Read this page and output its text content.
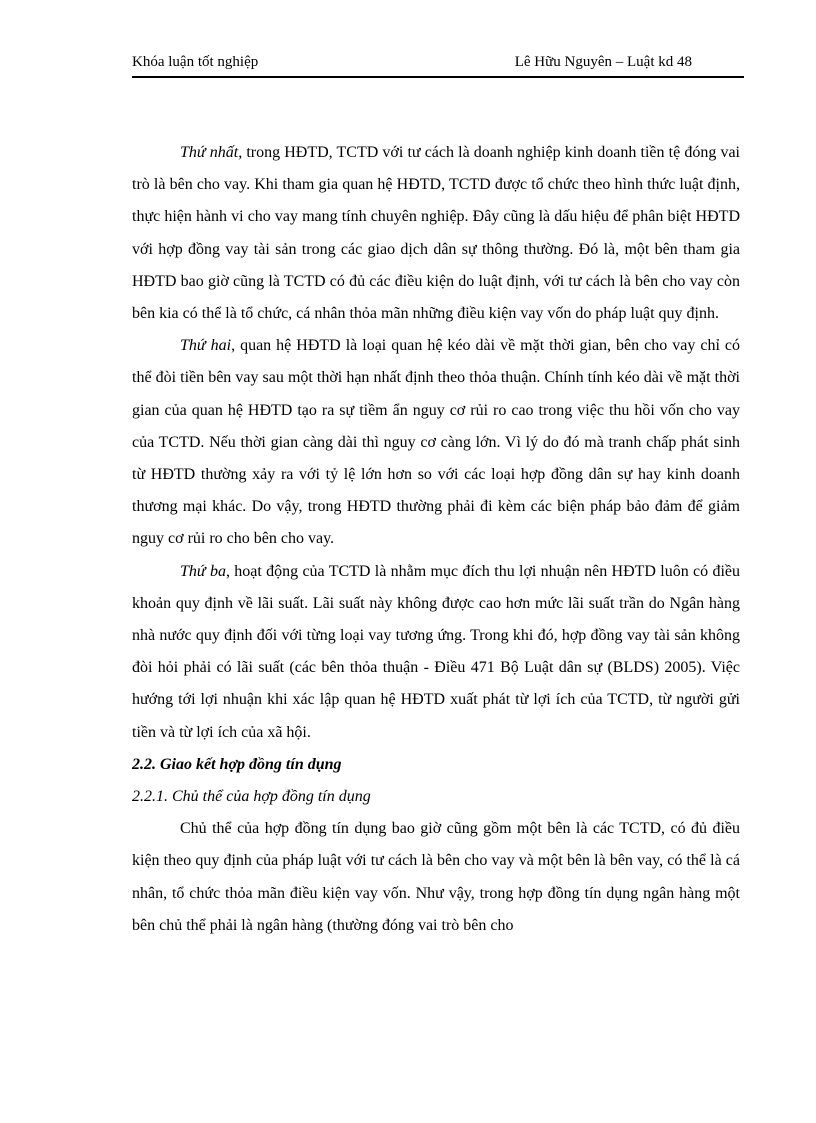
Khóa luận tốt nghiệp	Lê Hữu Nguyên – Luật kd 48

Thứ nhất, trong HĐTD, TCTD với tư cách là doanh nghiệp kinh doanh tiền tệ đóng vai trò là bên cho vay. Khi tham gia quan hệ HĐTD, TCTD được tổ chức theo hình thức luật định, thực hiện hành vi cho vay mang tính chuyên nghiệp. Đây cũng là dấu hiệu để phân biệt HĐTD với hợp đồng vay tài sản trong các giao dịch dân sự thông thường. Đó là, một bên tham gia HĐTD bao giờ cũng là TCTD có đủ các điều kiện do luật định, với tư cách là bên cho vay còn bên kia có thể là tổ chức, cá nhân thỏa mãn những điều kiện vay vốn do pháp luật quy định.

Thứ hai, quan hệ HĐTD là loại quan hệ kéo dài về mặt thời gian, bên cho vay chỉ có thể đòi tiền bên vay sau một thời hạn nhất định theo thỏa thuận. Chính tính kéo dài về mặt thời gian của quan hệ HĐTD tạo ra sự tiềm ẩn nguy cơ rủi ro cao trong việc thu hồi vốn cho vay của TCTD. Nếu thời gian càng dài thì nguy cơ càng lớn. Vì lý do đó mà tranh chấp phát sinh từ HĐTD thường xảy ra với tỷ lệ lớn hơn so với các loại hợp đồng dân sự hay kinh doanh thương mại khác. Do vậy, trong HĐTD thường phải đi kèm các biện pháp bảo đảm để giảm nguy cơ rủi ro cho bên cho vay.

Thứ ba, hoạt động của TCTD là nhằm mục đích thu lợi nhuận nên HĐTD luôn có điều khoản quy định về lãi suất. Lãi suất này không được cao hơn mức lãi suất trần do Ngân hàng nhà nước quy định đối với từng loại vay tương ứng. Trong khi đó, hợp đồng vay tài sản không đòi hỏi phải có lãi suất (các bên thỏa thuận - Điều 471 Bộ Luật dân sự (BLDS) 2005). Việc hướng tới lợi nhuận khi xác lập quan hệ HĐTD xuất phát từ lợi ích của TCTD, từ người gửi tiền và từ lợi ích của xã hội.

2.2. Giao kết hợp đồng tín dụng

2.2.1. Chủ thể của hợp đồng tín dụng

Chủ thể của hợp đồng tín dụng bao giờ cũng gồm một bên là các TCTD, có đủ điều kiện theo quy định của pháp luật với tư cách là bên cho vay và một bên là bên vay, có thể là cá nhân, tổ chức thỏa mãn điều kiện vay vốn. Như vậy, trong hợp đồng tín dụng ngân hàng một bên chủ thể phải là ngân hàng (thường đóng vai trò bên cho
